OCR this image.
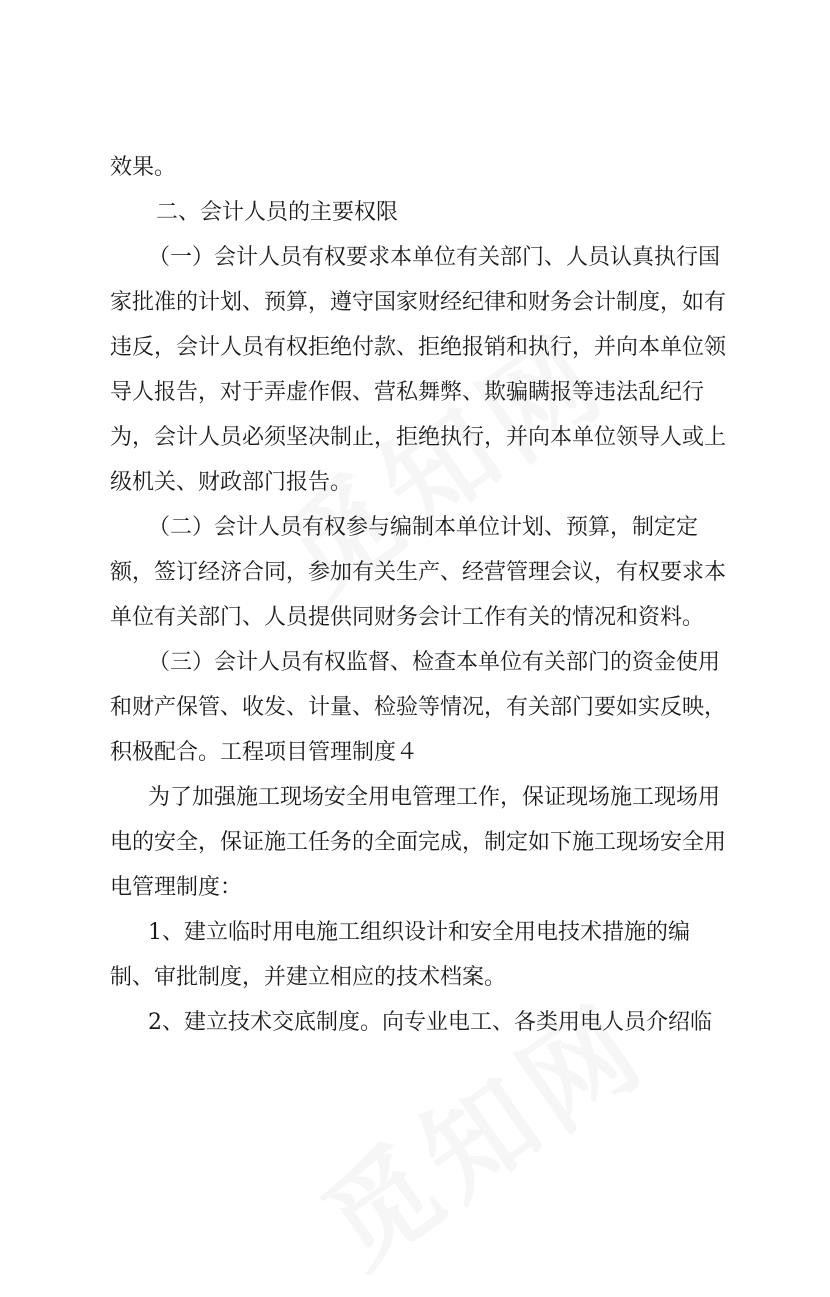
效果。

二、会计人员的主要权限

（一）会计人员有权要求本单位有关部门、人员认真执行国

家批准的计划、预算，遵守国家财经纪律和财务会计制度，如有

违反，会计人员有权拒绝付款、拒绝报销和执行，并向本单位领

导人报告，对于弄虚作假、营私舞弊、欺骗瞒报等违法乱纪行

为，会计人员必须坚决制止，拒绝执行，并向本单位领导人或上

级机关、财政部门报告。

（二）会计人员有权参与编制本单位计划、预算，制定定

额，签订经济合同，参加有关生产、经营管理会议，有权要求本

单位有关部门、人员提供同财务会计工作有关的情况和资料。

（三）会计人员有权监督、检查本单位有关部门的资金使用

和财产保管、收发、计量、检验等情况，有关部门要如实反映，

积极配合。工程项目管理制度４

为了加强施工现场安全用电管理工作，保证现场施工现场用

电的安全，保证施工任务的全面完成，制定如下施工现场安全用

电管理制度：

1、建立临时用电施工组织设计和安全用电技术措施的编

制、审批制度，并建立相应的技术档案。

2、建立技术交底制度。向专业电工、各类用电人员介绍临
